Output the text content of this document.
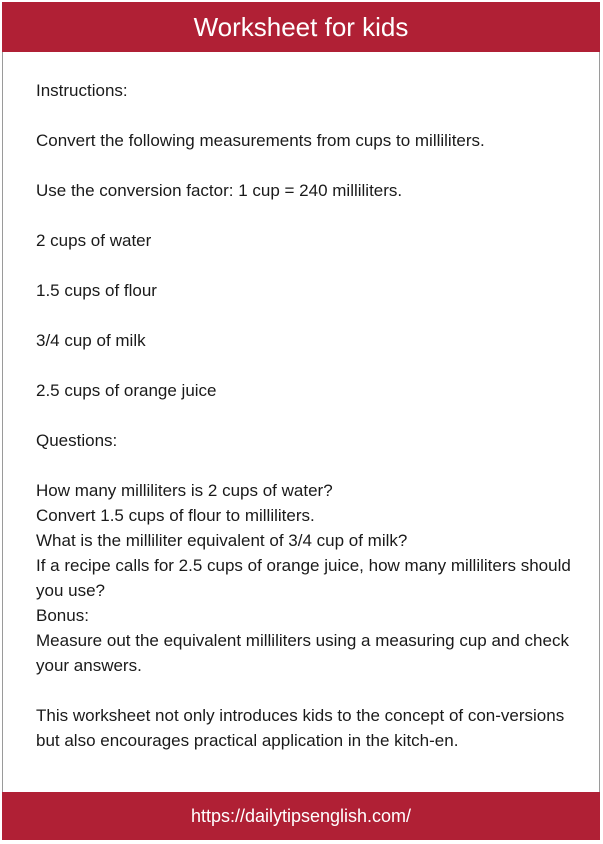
Worksheet for kids

Instructions:

Convert the following measurements from cups to milliliters.

Use the conversion factor: 1 cup = 240 milliliters.

2 cups of water

1.5 cups of flour

3/4 cup of milk

2.5 cups of orange juice

Questions:

How many milliliters is 2 cups of water?

Convert 1.5 cups of flour to milliliters.

What is the milliliter equivalent of 3/4 cup of milk?

If a recipe calls for 2.5 cups of orange juice, how many milliliters should you use?

Bonus:

Measure out the equivalent milliliters using a measuring cup and check your answers.

This worksheet not only introduces kids to the concept of con-versions but also encourages practical application in the kitch-en.

https://dailytipsenglish.com/
